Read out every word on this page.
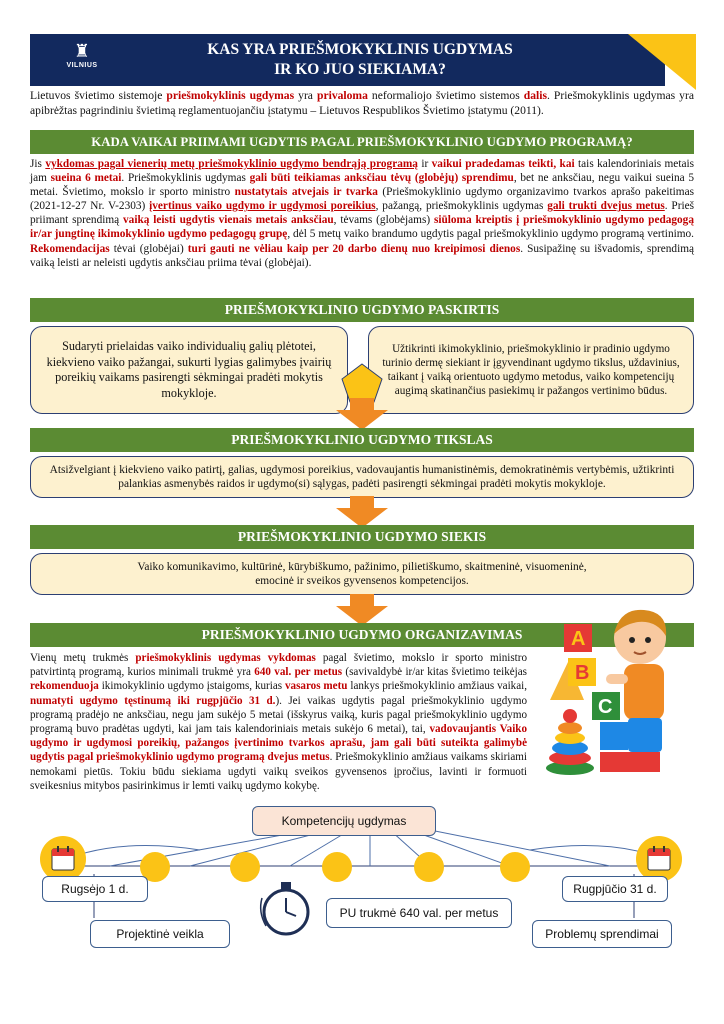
♜
VILNIUS
KAS YRA PRIEŠMOKYKLINIS UGDYMAS
IR KO JUO SIEKIAMA?
Lietuvos švietimo sistemoje priešmokyklinis ugdymas yra privaloma neformaliojo švietimo sistemos dalis. Priešmokyklinis ugdymas yra apibrėžtas pagrindiniu švietimą reglamentuojančiu įstatymu – Lietuvos Respublikos Švietimo įstatymu (2011).
KADA VAIKAI PRIIMAMI UGDYTIS PAGAL PRIEŠMOKYKLINIO UGDYMO PROGRAMĄ?
Jis vykdomas pagal vienerių metų priešmokyklinio ugdymo bendrąją programą ir vaikui pradedamas teikti, kai tais kalendoriniais metais jam sueina 6 metai. Priešmokyklinis ugdymas gali būti teikiamas anksčiau tėvų (globėjų) sprendimu, bet ne anksčiau, negu vaikui sueina 5 metai. Švietimo, mokslo ir sporto ministro nustatytais atvejais ir tvarka (Priešmokyklinio ugdymo organizavimo tvarkos aprašo pakeitimas (2021-12-27 Nr. V-2303) įvertinus vaiko ugdymo ir ugdymosi poreikius, pažangą, priešmokyklinis ugdymas gali trukti dvejus metus. Prieš priimant sprendimą vaiką leisti ugdytis vienais metais anksčiau, tėvams (globėjams) siūloma kreiptis į priešmokyklinio ugdymo pedagogą ir/ar jungtinę ikimokyklinio ugdymo pedagogų grupę, dėl 5 metų vaiko brandumo ugdytis pagal priešmokyklinio ugdymo programą vertinimo. Rekomendacijas tėvai (globėjai) turi gauti ne vėliau kaip per 20 darbo dienų nuo kreipimosi dienos. Susipažinę su išvadomis, sprendimą vaiką leisti ar neleisti ugdytis anksčiau priima tėvai (globėjai).
PRIEŠMOKYKLINIO UGDYMO PASKIRTIS
Sudaryti prielaidas vaiko individualių galių plėtotei, kiekvieno vaiko pažangai, sukurti lygias galimybes įvairių poreikių vaikams pasirengti sėkmingai pradėti mokytis mokykloje.
Užtikrinti ikimokyklinio, priešmokyklinio ir pradinio ugdymo turinio dermę siekiant ir įgyvendinant ugdymo tikslus, uždavinius, taikant į vaiką orientuoto ugdymo metodus, vaiko kompetencijų augimą skatinančius pasiekimų ir pažangos vertinimo būdus.
PRIEŠMOKYKLINIO UGDYMO TIKSLAS
Atsižvelgiant į kiekvieno vaiko patirtį, galias, ugdymosi poreikius, vadovaujantis humanistinėmis, demokratinėmis vertybėmis, užtikrinti palankias asmenybės raidos ir ugdymo(si) sąlygas, padėti pasirengti sėkmingai pradėti mokytis mokykloje.
PRIEŠMOKYKLINIO UGDYMO SIEKIS
Vaiko komunikavimo, kultūrinė, kūrybiškumo, pažinimo, pilietiškumo, skaitmeninė, visuomeninė, emocinė ir sveikos gyvensenos kompetencijos.
PRIEŠMOKYKLINIO UGDYMO ORGANIZAVIMAS
Vienų metų trukmės priešmokyklinis ugdymas vykdomas pagal švietimo, mokslo ir sporto ministro patvirtintą programą, kurios minimali trukmė yra 640 val. per metus (savivaldybė ir/ar kitas švietimo teikėjas rekomenduoja ikimokyklinio ugdymo įstaigoms, kurias vasaros metu lankys priešmokyklinio amžiaus vaikai, numatyti ugdymo tęstinumą iki rugpjūčio 31 d.). Jei vaikas ugdytis pagal priešmokyklinio ugdymo programą pradėjo ne anksčiau, negu jam sukėjo 5 metai (išskyrus vaiką, kuris pagal priešmokyklinio ugdymo programą buvo pradėtas ugdyti, kai jam tais kalendoriniais metais sukėjo 6 metai), tai, vadovaujantis Vaiko ugdymo ir ugdymosi poreikių, pažangos įvertinimo tvarkos aprašu, jam gali būti suteikta galimybė ugdytis pagal priešmokyklinio ugdymo programą dvejus metus. Priešmokyklinio amžiaus vaikams skiriami nemokami pietūs. Tokiu būdu siekiama ugdyti vaikų sveikos gyvensenos įpročius, lavinti ir formuoti sveikesnius mitybos pasirinkimus ir lemti vaikų ugdymo kokybę.
A
B
C
Kompetencijų ugdymas
Rugsėjo 1 d.	Rugpjūčio 31 d.
PU trukmė 640 val. per metus
Projektinė veikla	Problemų sprendimai
